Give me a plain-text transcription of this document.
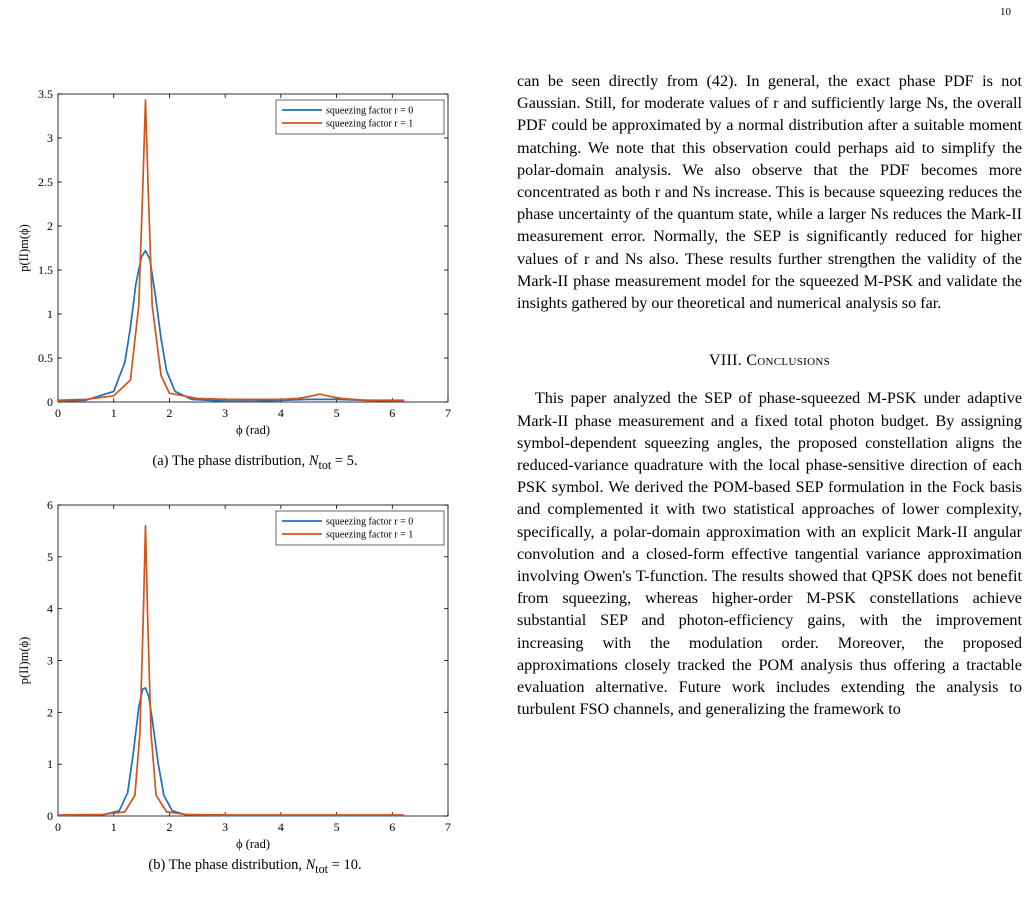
10
0	1	2	3	4	5	6	7
0
0.5
1
1.5
2
2.5
3
3.5
squeezing factor r = 0
squeezing factor r = 1
ϕ (rad)
p(II)m(ϕ)
(a) The phase distribution, $N_{tot} = 5$.
0	1	2	3	4	5	6	7
0
1
2
3
4
5
6
squeezing factor r = 0
squeezing factor r = 1
ϕ (rad)
p(II)m(ϕ)
(b) The phase distribution, $N_{tot} = 10$.

can be seen directly from (42). In general, the exact phase PDF is not Gaussian. Still, for moderate values of r and sufficiently large Ns, the overall PDF could be approximated by a normal distribution after a suitable moment matching. We note that this observation could perhaps aid to simplify the polar-domain analysis. We also observe that the PDF becomes more concentrated as both r and Ns increase. This is because squeezing reduces the phase uncertainty of the quantum state, while a larger Ns reduces the Mark-II measurement error. Normally, the SEP is significantly reduced for higher values of r and Ns also. These results further strengthen the validity of the Mark-II phase measurement model for the squeezed M-PSK and validate the insights gathered by our theoretical and numerical analysis so far.

VIII. Conclusions

This paper analyzed the SEP of phase-squeezed M-PSK under adaptive Mark-II phase measurement and a fixed total photon budget. By assigning symbol-dependent squeezing angles, the proposed constellation aligns the reduced-variance quadrature with the local phase-sensitive direction of each PSK symbol. We derived the POM-based SEP formulation in the Fock basis and complemented it with two statistical approaches of lower complexity, specifically, a polar-domain approximation with an explicit Mark-II angular convolution and a closed-form effective tangential variance approximation involving Owen's T-function. The results showed that QPSK does not benefit from squeezing, whereas higher-order M-PSK constellations achieve substantial SEP and photon-efficiency gains, with the improvement increasing with the modulation order. Moreover, the proposed approximations closely tracked the POM analysis thus offering a tractable evaluation alternative. Future work includes extending the analysis to turbulent FSO channels, and generalizing the framework to
